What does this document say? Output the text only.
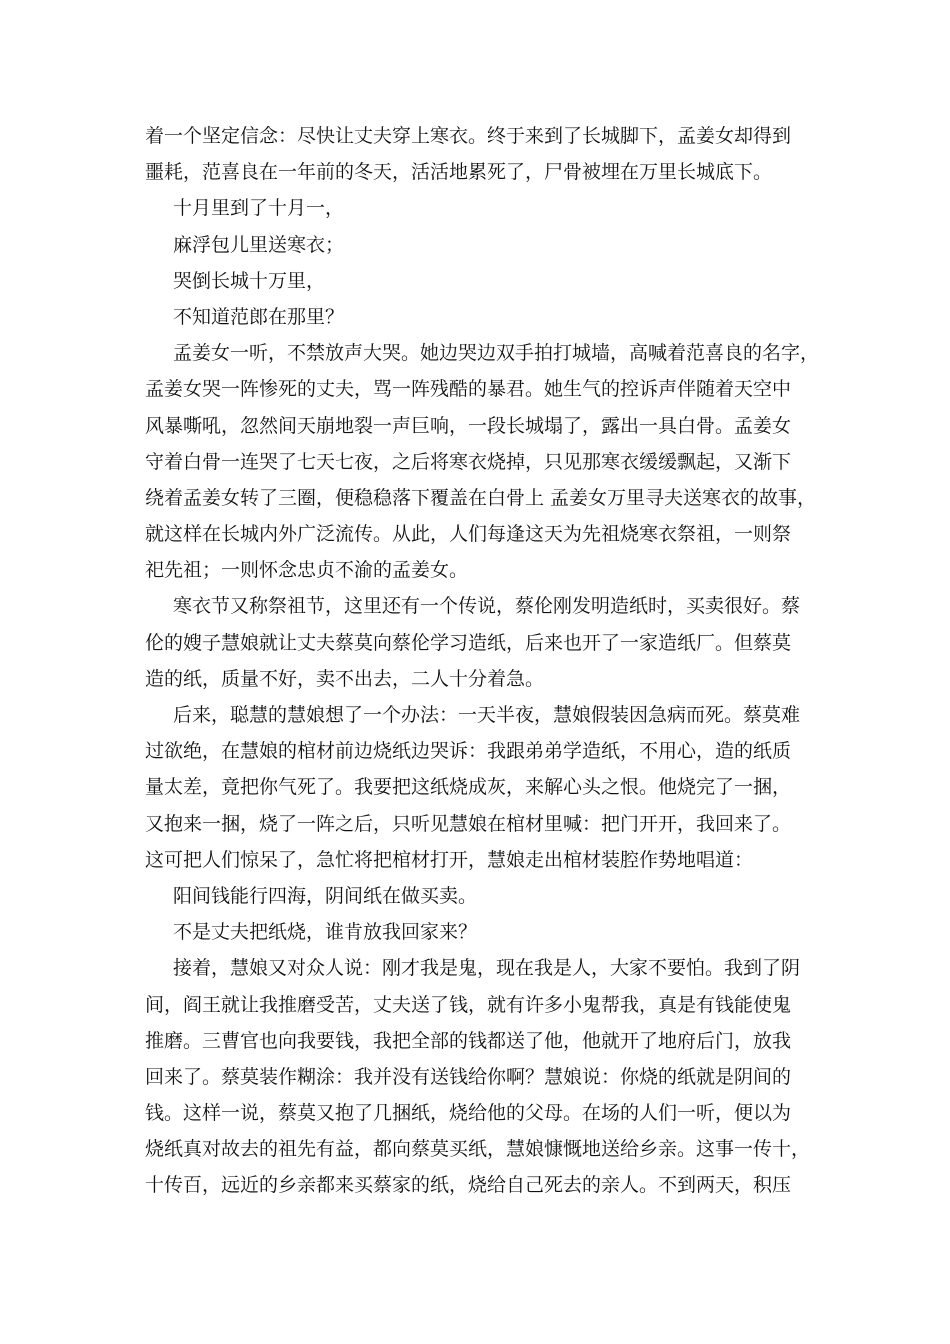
着一个坚定信念：尽快让丈夫穿上寒衣。终于来到了长城脚下，孟姜女却得到
噩耗，范喜良在一年前的冬天，活活地累死了，尸骨被埋在万里长城底下。
十月里到了十月一，
麻浮包儿里送寒衣；
哭倒长城十万里，
不知道范郎在那里？
孟姜女一听，不禁放声大哭。她边哭边双手拍打城墙，高喊着范喜良的名字，
孟姜女哭一阵惨死的丈夫，骂一阵残酷的暴君。她生气的控诉声伴随着天空中
风暴嘶吼，忽然间天崩地裂一声巨响，一段长城塌了，露出一具白骨。孟姜女
守着白骨一连哭了七天七夜，之后将寒衣烧掉，只见那寒衣缓缓飘起，又渐下
绕着孟姜女转了三圈，便稳稳落下覆盖在白骨上 孟姜女万里寻夫送寒衣的故事，
就这样在长城内外广泛流传。从此，人们每逢这天为先祖烧寒衣祭祖，一则祭
祀先祖；一则怀念忠贞不渝的孟姜女。
寒衣节又称祭祖节，这里还有一个传说，蔡伦刚发明造纸时，买卖很好。蔡
伦的嫂子慧娘就让丈夫蔡莫向蔡伦学习造纸，后来也开了一家造纸厂。但蔡莫
造的纸，质量不好，卖不出去，二人十分着急。
后来，聪慧的慧娘想了一个办法：一天半夜，慧娘假装因急病而死。蔡莫难
过欲绝，在慧娘的棺材前边烧纸边哭诉：我跟弟弟学造纸，不用心，造的纸质
量太差，竟把你气死了。我要把这纸烧成灰，来解心头之恨。他烧完了一捆，
又抱来一捆，烧了一阵之后，只听见慧娘在棺材里喊：把门开开，我回来了。
这可把人们惊呆了，急忙将把棺材打开，慧娘走出棺材装腔作势地唱道：
阳间钱能行四海，阴间纸在做买卖。
不是丈夫把纸烧，谁肯放我回家来？
接着，慧娘又对众人说：刚才我是鬼，现在我是人，大家不要怕。我到了阴
间，阎王就让我推磨受苦，丈夫送了钱，就有许多小鬼帮我，真是有钱能使鬼
推磨。三曹官也向我要钱，我把全部的钱都送了他，他就开了地府后门，放我
回来了。蔡莫装作糊涂：我并没有送钱给你啊？慧娘说：你烧的纸就是阴间的
钱。这样一说，蔡莫又抱了几捆纸，烧给他的父母。在场的人们一听，便以为
烧纸真对故去的祖先有益，都向蔡莫买纸，慧娘慷慨地送给乡亲。这事一传十，
十传百，远近的乡亲都来买蔡家的纸，烧给自己死去的亲人。不到两天，积压
